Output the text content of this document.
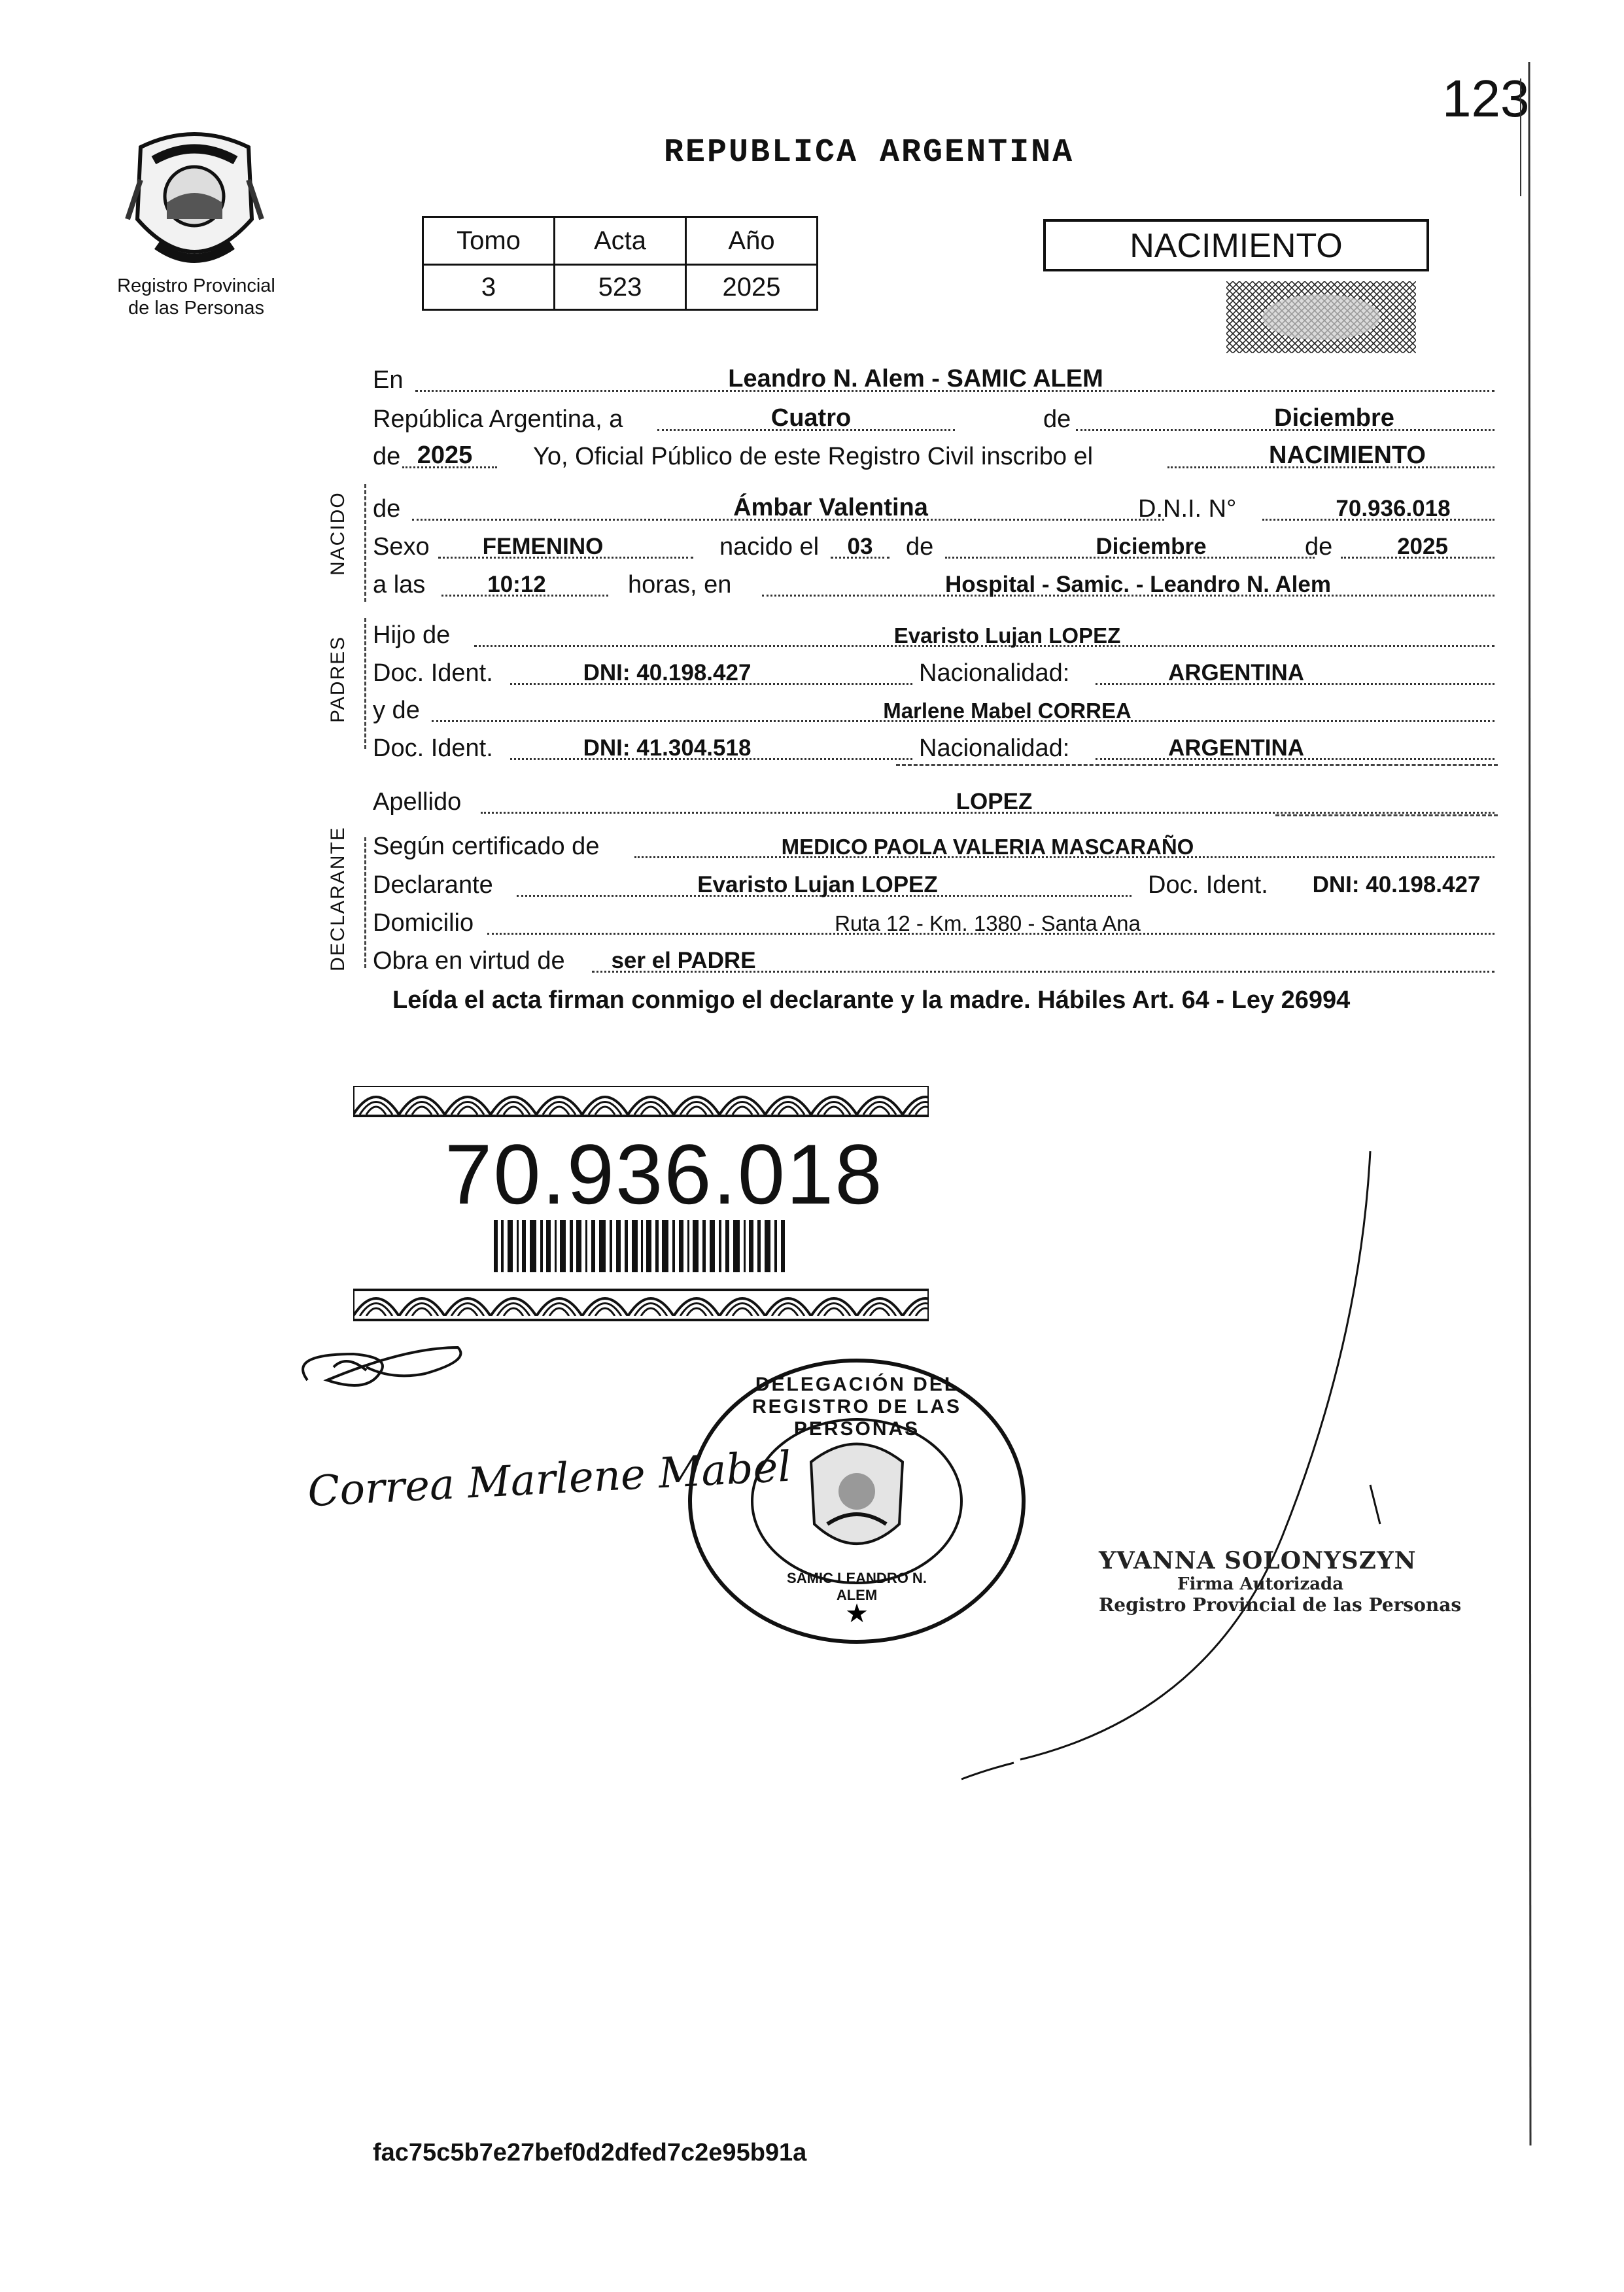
123
REPUBLICA ARGENTINA
Registro Provincial
de las Personas
Tomo	Acta	Año
3	523	2025
NACIMIENTO
En	Leandro N. Alem - SAMIC ALEM
República Argentina, a	Cuatro	de	Diciembre
de 2025	Yo, Oficial Público de este Registro Civil inscribo el	NACIMIENTO
NACIDO de	Ámbar Valentina	D.N.I. N°	70.936.018
Sexo	FEMENINO	nacido el	03	de	Diciembre	de	2025
a las	10:12	horas, en	Hospital - Samic. - Leandro N. Alem
PADRES
Hijo de	Evaristo Lujan LOPEZ
Doc. Ident.	DNI: 40.198.427	Nacionalidad:	ARGENTINA
y de	Marlene Mabel CORREA
Doc. Ident.	DNI: 41.304.518	Nacionalidad:	ARGENTINA
Apellido	LOPEZ
DECLARANTE Según certificado de	MEDICO PAOLA VALERIA MASCARAÑO
Declarante	Evaristo Lujan LOPEZ	Doc. Ident.	DNI: 40.198.427
Domicilio	Ruta 12 - Km. 1380 - Santa Ana
Obra en virtud de	ser el PADRE
Leída el acta firman conmigo el declarante y la madre. Hábiles Art. 64 - Ley 26994
70.936.018
★
Correa Marlene Mabel
DELEGACIÓN DEL REGISTRO DE LAS PERSONAS
SAMIC LEANDRO N. ALEM
YVANNA SOLONYSZYN
Firma Autorizada
Registro Provincial de las Personas
fac75c5b7e27bef0d2dfed7c2e95b91a
